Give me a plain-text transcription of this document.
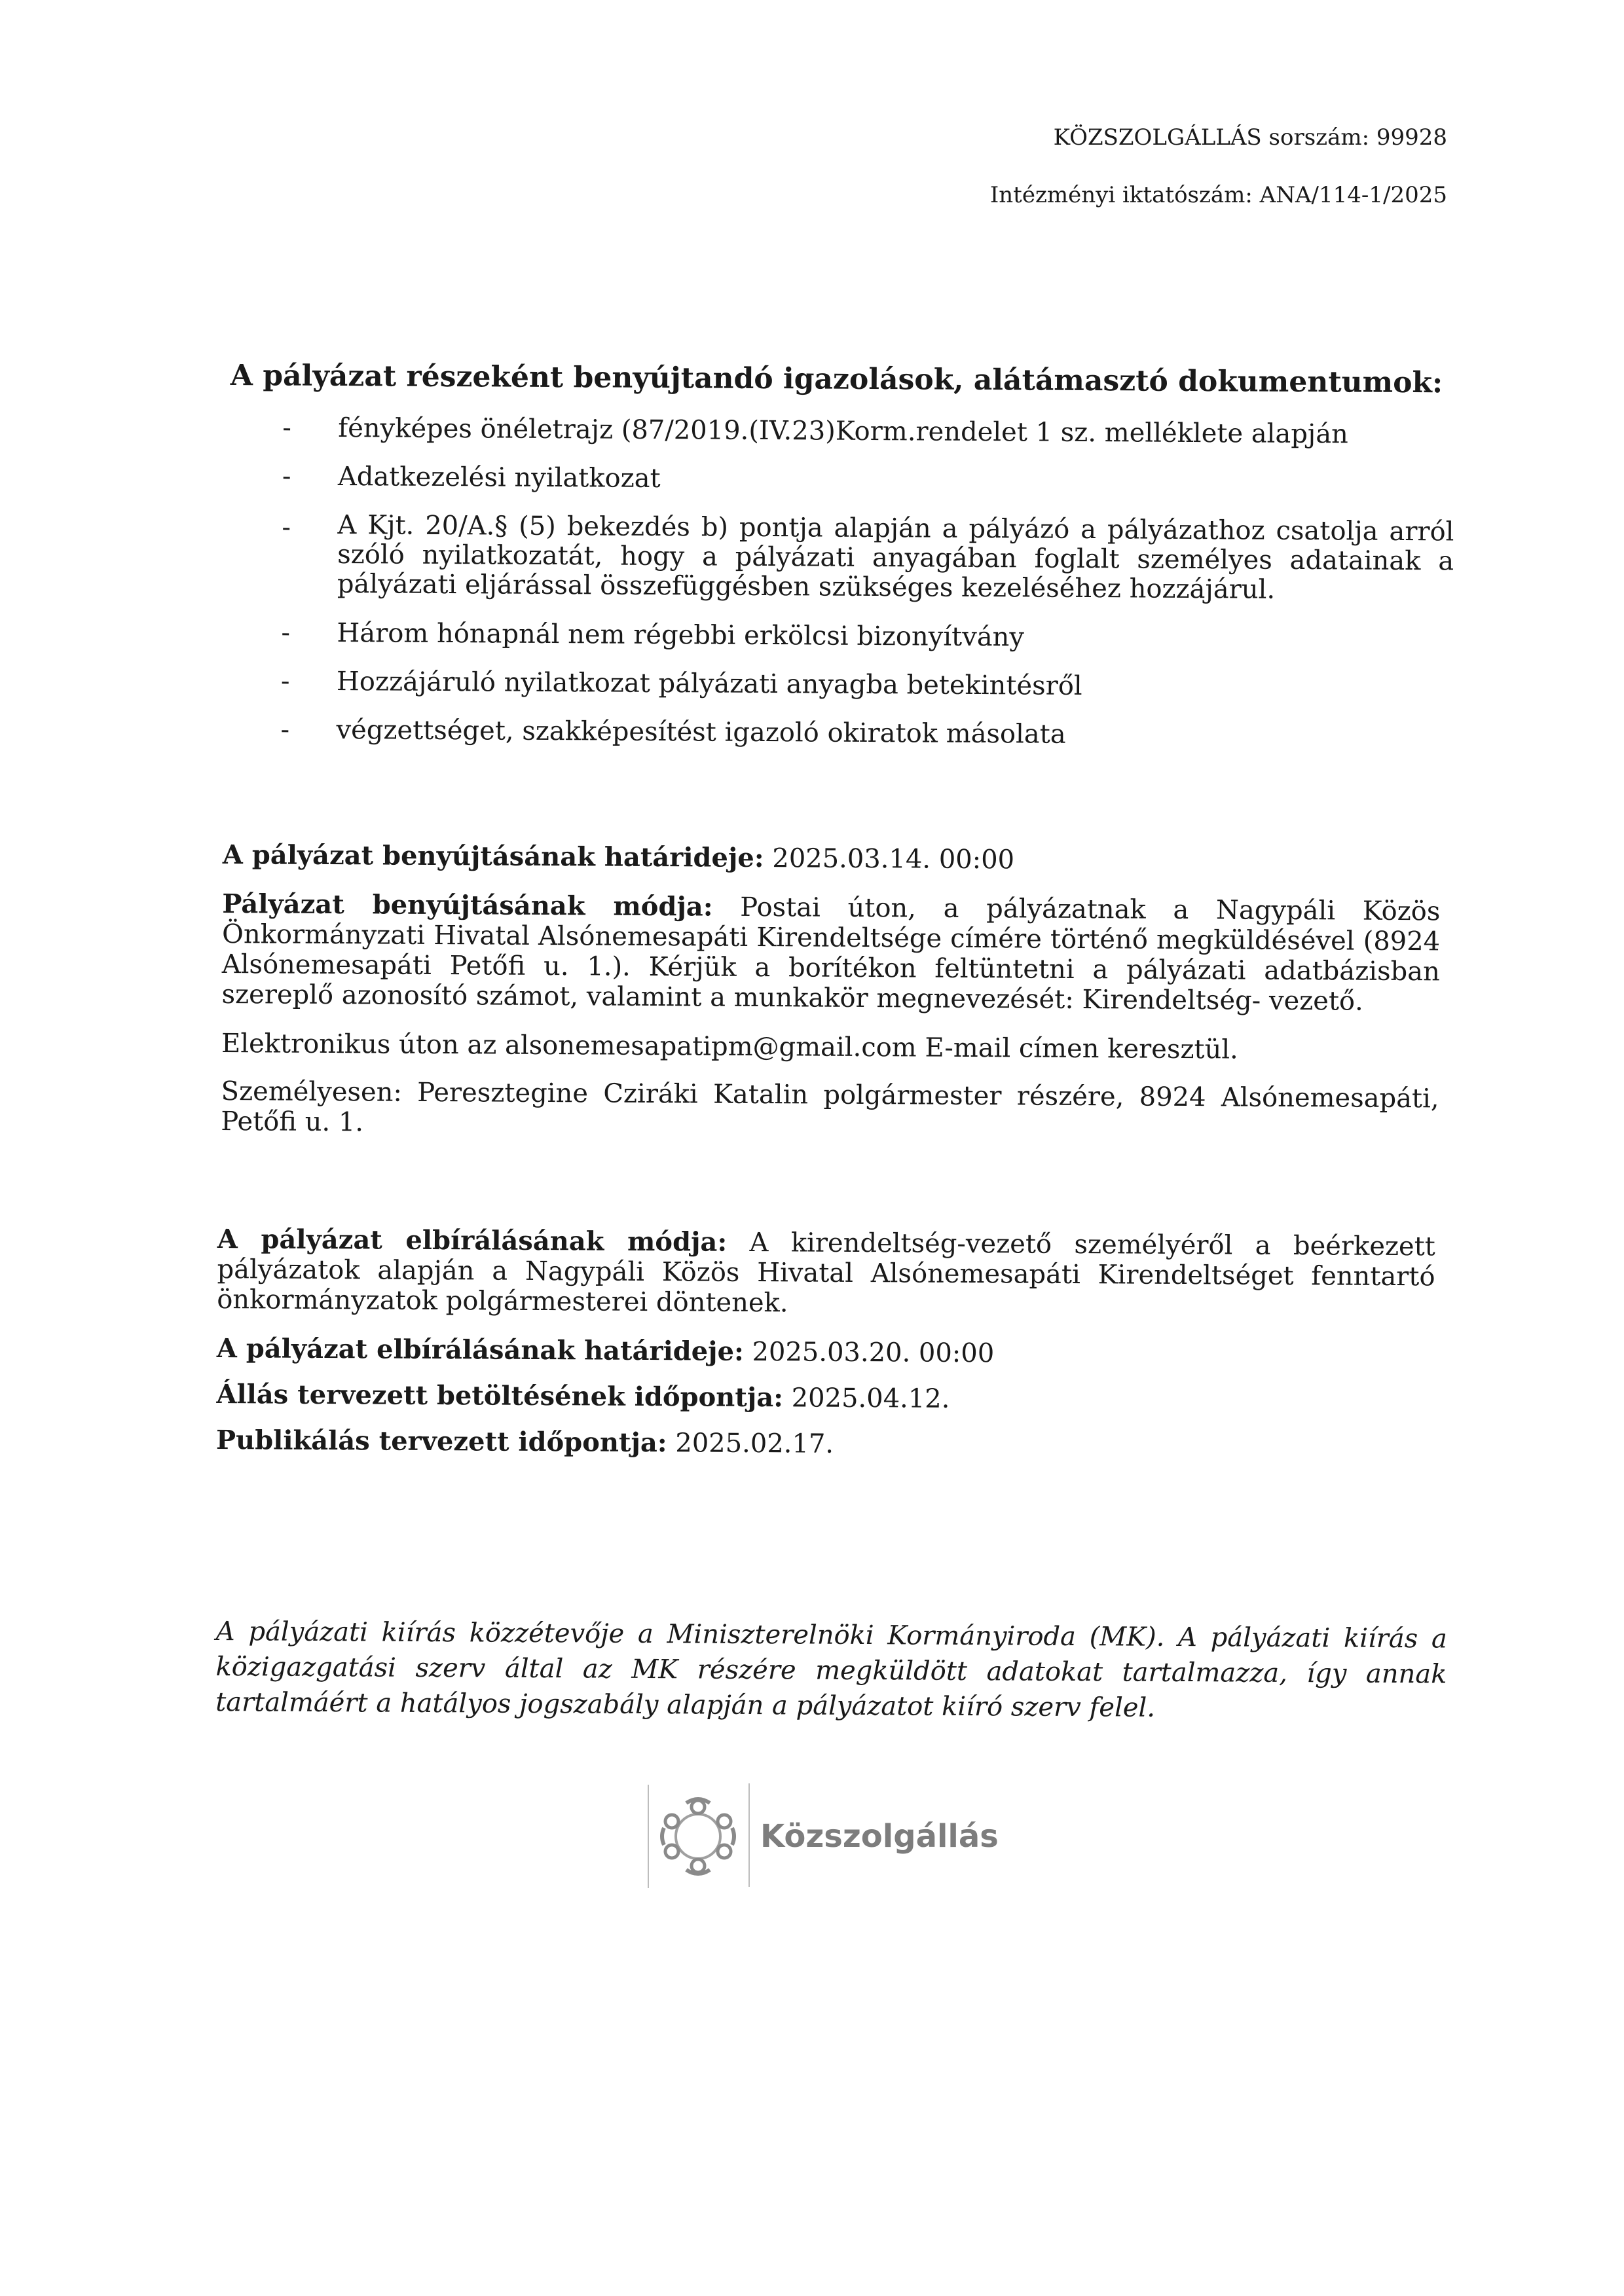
KÖZSZOLGÁLLÁS sorszám: 99928
Intézményi iktatószám: ANA/114-1/2025

A pályázat részeként benyújtandó igazolások, alátámasztó dokumentumok:

- fényképes önéletrajz (87/2019.(IV.23)Korm.rendelet 1 sz. melléklete alapján
- Adatkezelési nyilatkozat
- A Kjt. 20/A.§ (5) bekezdés b) pontja alapján a pályázó a pályázathoz csatolja arról szóló nyilatkozatát, hogy a pályázati anyagában foglalt személyes adatainak a pályázati eljárással összefüggésben szükséges kezeléséhez hozzájárul.
- Három hónapnál nem régebbi erkölcsi bizonyítvány
- Hozzájáruló nyilatkozat pályázati anyagba betekintésről
- végzettséget, szakképesítést igazoló okiratok másolata

A pályázat benyújtásának határideje: 2025.03.14. 00:00

Pályázat benyújtásának módja: Postai úton, a pályázatnak a Nagypáli Közös Önkormányzati Hivatal Alsónemesapáti Kirendeltsége címére történő megküldésével (8924 Alsónemesapáti Petőfi u. 1.). Kérjük a borítékon feltüntetni a pályázati adatbázisban szereplő azonosító számot, valamint a munkakör megnevezését: Kirendeltség- vezető.

Elektronikus úton az alsonemesapatipm@gmail.com E-mail címen keresztül.

Személyesen: Peresztegine Cziráki Katalin polgármester részére, 8924 Alsónemesapáti, Petőfi u. 1.

A pályázat elbírálásának módja: A kirendeltség-vezető személyéről a beérkezett pályázatok alapján a Nagypáli Közös Hivatal Alsónemesapáti Kirendeltséget fenntartó önkormányzatok polgármesterei döntenek.

A pályázat elbírálásának határideje: 2025.03.20. 00:00

Állás tervezett betöltésének időpontja: 2025.04.12.

Publikálás tervezett időpontja: 2025.02.17.

A pályázati kiírás közzétevője a Miniszterelnöki Kormányiroda (MK). A pályázati kiírás a közigazgatási szerv által az MK részére megküldött adatokat tartalmazza, így annak tartalmáért a hatályos jogszabály alapján a pályázatot kiíró szerv felel.
Közszolgállás
